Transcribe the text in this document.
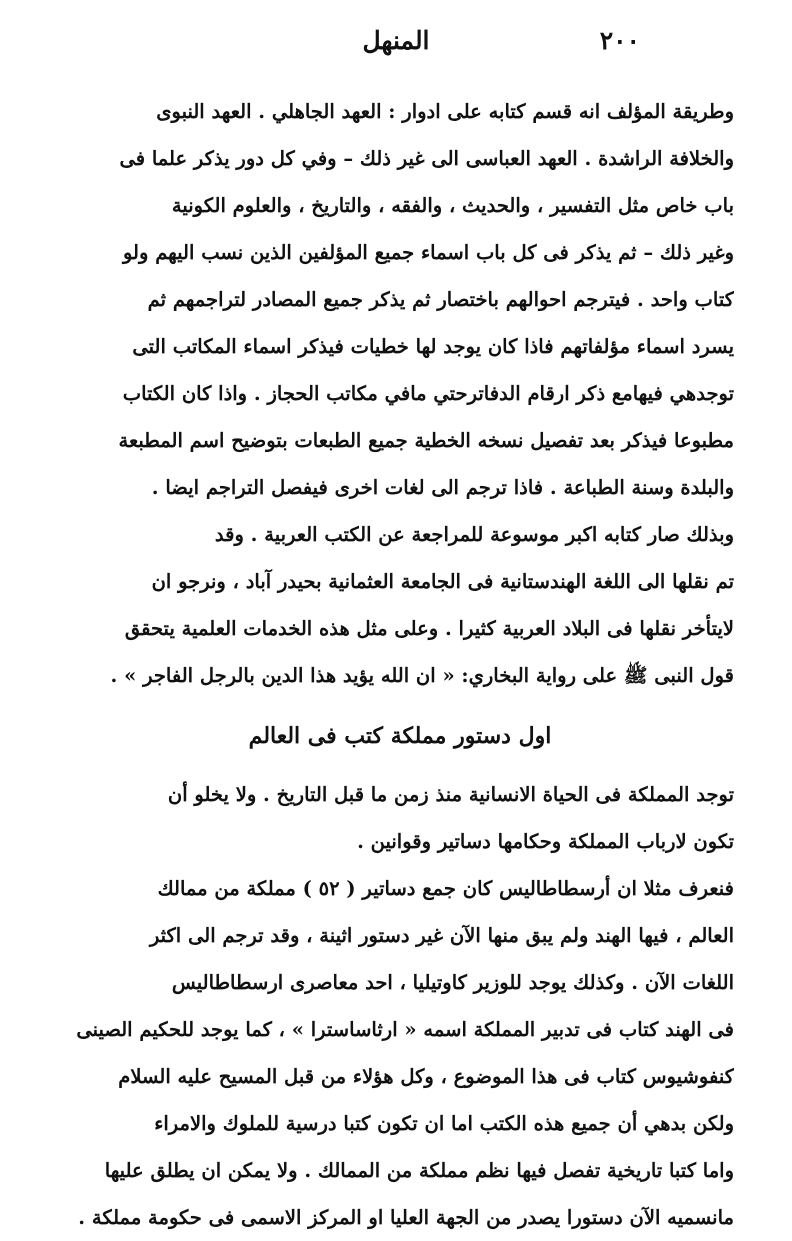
٢٠٠
المنهل
وطريقة المؤلف انه قسم كتابه على ادوار : العهد الجاهلي . العهد النبوى
والخلافة الراشدة . العهد العباسى الى غير ذلك – وفي كل دور يذكر علما فى
باب خاص مثل التفسير ، والحديث ، والفقه ، والتاريخ ، والعلوم الكونية
وغير ذلك – ثم يذكر فى كل باب اسماء جميع المؤلفين الذين نسب اليهم ولو
كتاب واحد . فيترجم احوالهم باختصار ثم يذكر جميع المصادر لتراجمهم ثم
يسرد اسماء مؤلفاتهم فاذا كان يوجد لها خطيات فيذكر اسماء المكاتب التى
توجدهي فيهامع ذكر ارقام الدفاترحتي مافي مكاتب الحجاز . واذا كان الكتاب
مطبوعا فيذكر بعد تفصيل نسخه الخطية جميع الطبعات بتوضيح اسم المطبعة
والبلدة وسنة الطباعة . فاذا ترجم الى لغات اخرى فيفصل التراجم ايضا .
وبذلك صار كتابه اكبر موسوعة للمراجعة عن الكتب العربية . وقد
تم نقلها الى اللغة الهندستانية فى الجامعة العثمانية بحيدر آباد ، ونرجو ان
لايتأخر نقلها فى البلاد العربية كثيرا . وعلى مثل هذه الخدمات العلمية يتحقق
قول النبى ﷺ على رواية البخاري: « ان الله يؤيد هذا الدين بالرجل الفاجر » .
اول دستور مملكة كتب فى العالم
توجد المملكة فى الحياة الانسانية منذ زمن ما قبل التاريخ . ولا يخلو أن
تكون لارباب المملكة وحكامها دساتير وقوانين .
فنعرف مثلا ان أرسطاطاليس كان جمع دساتير ( ٥٢ ) مملكة من ممالك
العالم ، فيها الهند ولم يبق منها الآن غير دستور اثينة ، وقد ترجم الى اكثر
اللغات الآن . وكذلك يوجد للوزير كاوتيليا ، احد معاصرى ارسطاطاليس
فى الهند كتاب فى تدبير المملكة اسمه « ارثاساسترا » ، كما يوجد للحكيم الصينى
كنفوشيوس كتاب فى هذا الموضوع ، وكل هؤلاء من قبل المسيح عليه السلام
ولكن بدهي أن جميع هذه الكتب اما ان تكون كتبا درسية للملوك والامراء
واما كتبا تاريخية تفصل فيها نظم مملكة من الممالك . ولا يمكن ان يطلق عليها
مانسميه الآن دستورا يصدر من الجهة العليا او المركز الاسمى فى حكومة مملكة .
